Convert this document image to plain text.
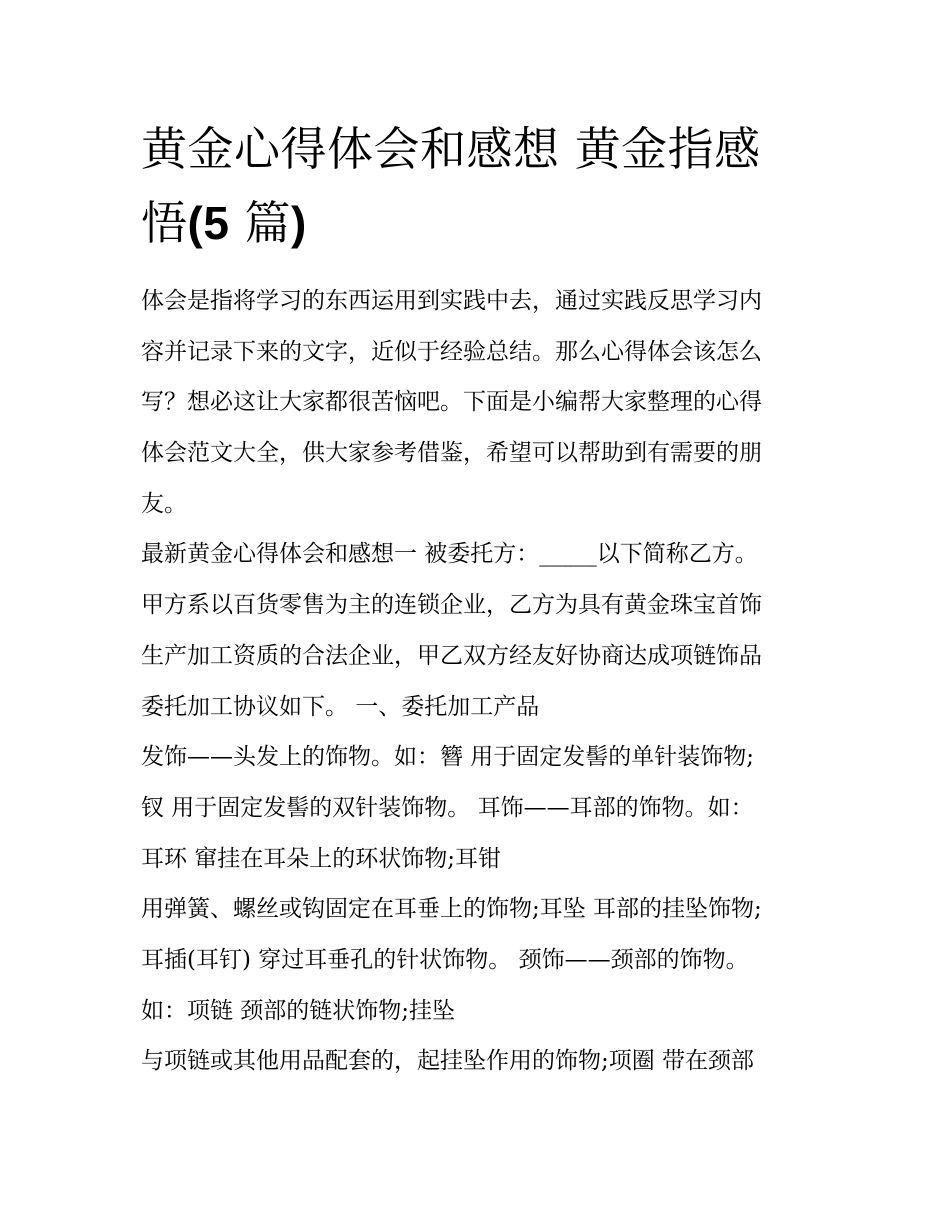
黄金心得体会和感想 黄金指感
悟(5 篇)
体会是指将学习的东西运用到实践中去，通过实践反思学习内
容并记录下来的文字，近似于经验总结。那么心得体会该怎么
写？想必这让大家都很苦恼吧。下面是小编帮大家整理的心得
体会范文大全，供大家参考借鉴，希望可以帮助到有需要的朋
友。
最新黄金心得体会和感想一 被委托方：_____以下简称乙方。
甲方系以百货零售为主的连锁企业，乙方为具有黄金珠宝首饰
生产加工资质的合法企业，甲乙双方经友好协商达成项链饰品
委托加工协议如下。 一、委托加工产品
发饰——头发上的饰物。如：簪 用于固定发髻的单针装饰物;
钗 用于固定发髻的双针装饰物。 耳饰——耳部的饰物。如：
耳环 窜挂在耳朵上的环状饰物;耳钳
用弹簧、螺丝或钩固定在耳垂上的饰物;耳坠 耳部的挂坠饰物;
耳插(耳钉) 穿过耳垂孔的针状饰物。 颈饰——颈部的饰物。
如：项链 颈部的链状饰物;挂坠
与项链或其他用品配套的，起挂坠作用的饰物;项圈 带在颈部
